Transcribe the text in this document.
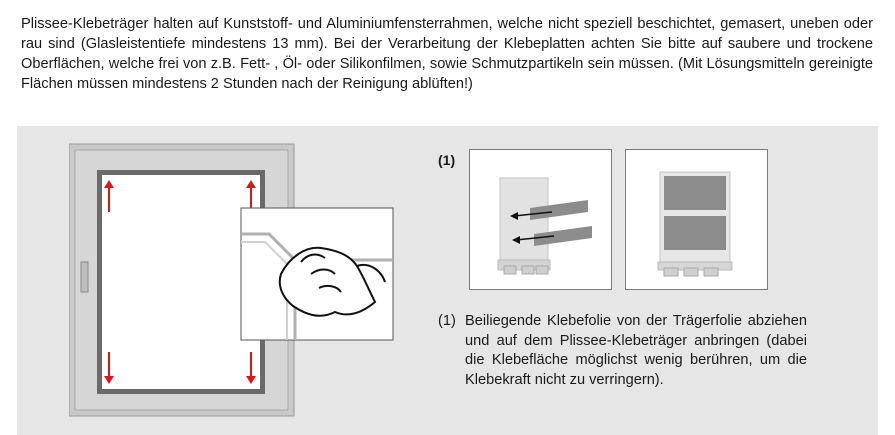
Plissee-Klebeträger halten auf Kunststoff- und Aluminiumfensterrahmen, welche nicht speziell beschichtet, gemasert, uneben oder rau sind (Glasleistentiefe mindestens 13 mm). Bei der Verarbeitung der Klebeplatten achten Sie bitte auf saubere und trockene Oberflächen, welche frei von z.B. Fett- , Öl- oder Silikonfilmen, sowie Schmutzpartikeln sein müssen. (Mit Lösungsmitteln gereinigte Flächen müssen mindestens 2 Stunden nach der Reinigung ablüften!)

(1)
(1) Beiliegende Klebefolie von der Trägerfolie abziehen und auf dem Plissee-Klebeträger anbringen (dabei die Klebefläche möglichst wenig berühren, um die Klebekraft nicht zu verringern).
